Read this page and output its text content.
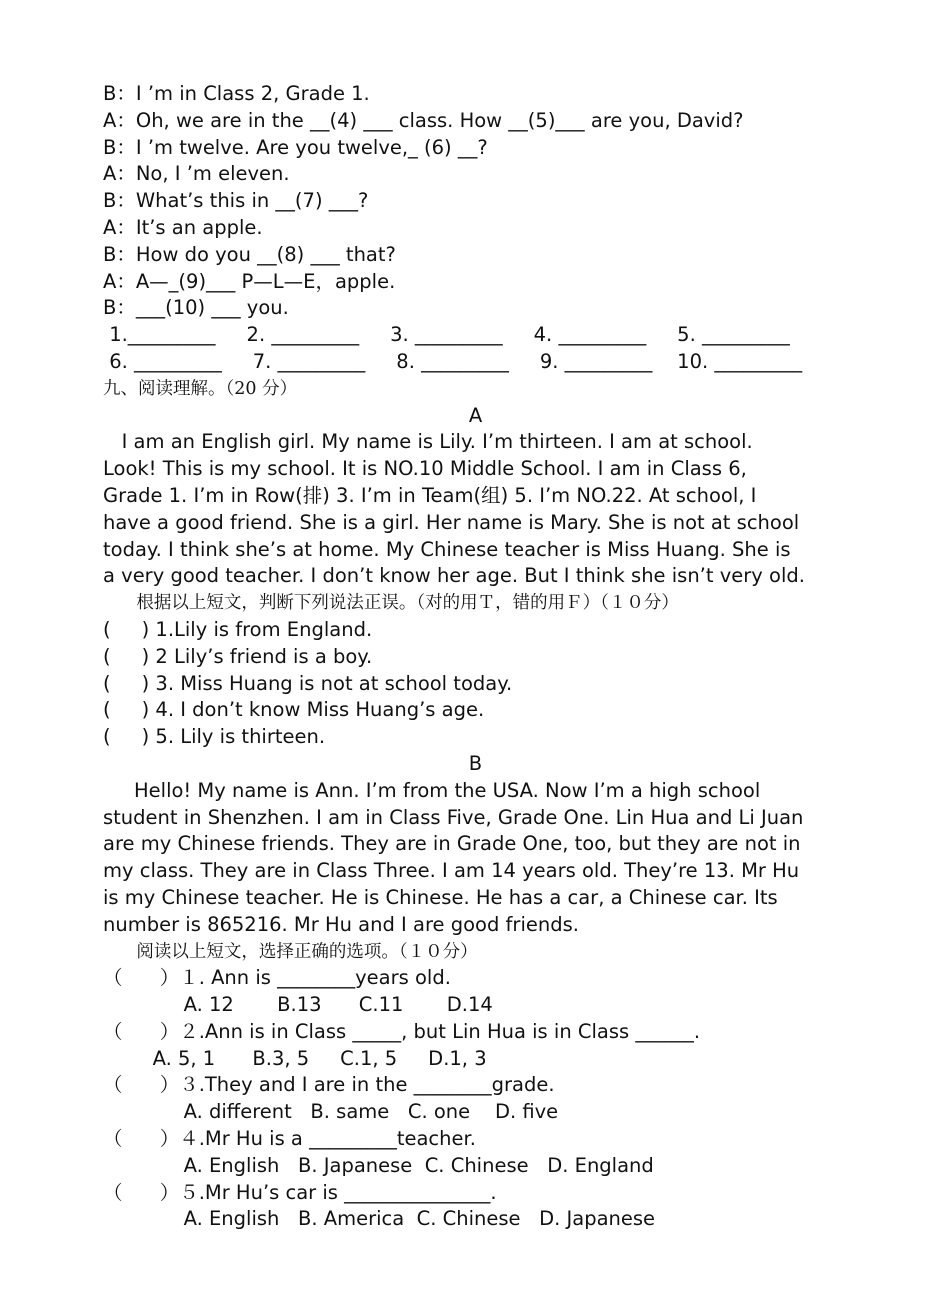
B：I ’m in Class 2, Grade 1.
A：Oh, we are in the __(4) ___ class. How __(5)___ are you, David?
B：I ’m twelve. Are you twelve,_ (6) __?
A：No, I ’m eleven.
B：What’s this in __(7) ___?
A：It’s an apple.
B：How do you __(8) ___ that?
A：A—_(9)___ P—L—E，apple.
B：___(10) ___ you.
1._________     2. _________     3. _________     4. _________     5. _________
6. _________     7. _________     8. _________     9. _________    10. _________
九、阅读理解。（20 分）
A
I am an English girl. My name is Lily. I’m thirteen. I am at school.
Look! This is my school. It is NO.10 Middle School. I am in Class 6,
Grade 1. I’m in Row(排) 3. I’m in Team(组) 5. I’m NO.22. At school, I
have a good friend. She is a girl. Her name is Mary. She is not at school
today. I think she’s at home. My Chinese teacher is Miss Huang. She is
a very good teacher. I don’t know her age. But I think she isn’t very old.
根据以上短文，判断下列说法正误。（对的用Ｔ，错的用Ｆ）（１０分）
(     ) 1.Lily is from England.
(     ) 2 Lily’s friend is a boy.
(     ) 3. Miss Huang is not at school today.
(     ) 4. I don’t know Miss Huang’s age.
(     ) 5. Lily is thirteen.
B
Hello! My name is Ann. I’m from the USA. Now I’m a high school
student in Shenzhen. I am in Class Five, Grade One. Lin Hua and Li Juan
are my Chinese friends. They are in Grade One, too, but they are not in
my class. They are in Class Three. I am 14 years old. They’re 13. Mr Hu
is my Chinese teacher. He is Chinese. He has a car, a Chinese car. Its
number is 865216. Mr Hu and I are good friends.
阅读以上短文，选择正确的选项。（１０分）
（      ）１. Ann is ________years old.
A. 12       B.13      C.11       D.14
（      ）２.Ann is in Class _____, but Lin Hua is in Class ______.
A. 5, 1      B.3, 5     C.1, 5     D.1, 3
（      ）３.They and I are in the ________grade.
A. different   B. same   C. one    D. five
（      ）４.Mr Hu is a _________teacher.
A. English   B. Japanese  C. Chinese   D. England
（      ）５.Mr Hu’s car is _______________.
A. English   B. America  C. Chinese   D. Japanese
